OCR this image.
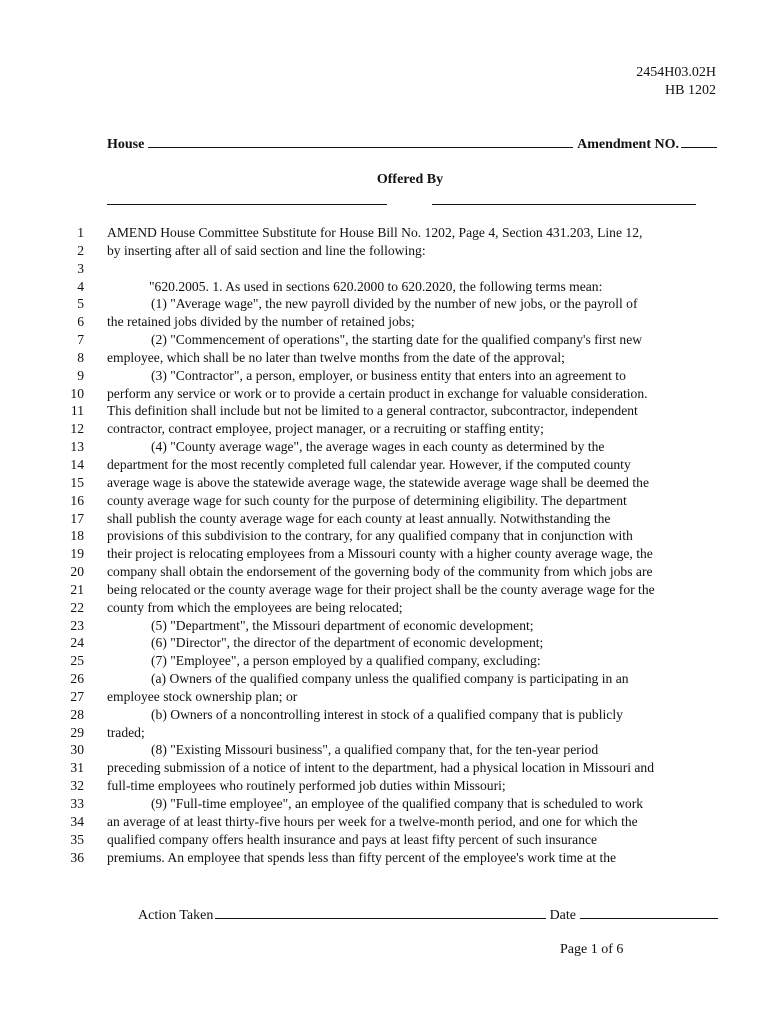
2454H03.02H
HB 1202
House	Amendment NO.
Offered By
1 AMEND House Committee Substitute for House Bill No. 1202, Page 4, Section 431.203, Line 12,
2 by inserting after all of said section and line the following:
3
4	"620.2005. 1. As used in sections 620.2000 to 620.2020, the following terms mean:
5	(1) "Average wage", the new payroll divided by the number of new jobs, or the payroll of
6 the retained jobs divided by the number of retained jobs;
7	(2) "Commencement of operations", the starting date for the qualified company's first new
8 employee, which shall be no later than twelve months from the date of the approval;
9	(3) "Contractor", a person, employer, or business entity that enters into an agreement to
10 perform any service or work or to provide a certain product in exchange for valuable consideration.
11 This definition shall include but not be limited to a general contractor, subcontractor, independent
12 contractor, contract employee, project manager, or a recruiting or staffing entity;
13	(4) "County average wage", the average wages in each county as determined by the
14 department for the most recently completed full calendar year. However, if the computed county
15 average wage is above the statewide average wage, the statewide average wage shall be deemed the
16 county average wage for such county for the purpose of determining eligibility. The department
17 shall publish the county average wage for each county at least annually. Notwithstanding the
18 provisions of this subdivision to the contrary, for any qualified company that in conjunction with
19 their project is relocating employees from a Missouri county with a higher county average wage, the
20 company shall obtain the endorsement of the governing body of the community from which jobs are
21 being relocated or the county average wage for their project shall be the county average wage for the
22 county from which the employees are being relocated;
23	(5) "Department", the Missouri department of economic development;
24	(6) "Director", the director of the department of economic development;
25	(7) "Employee", a person employed by a qualified company, excluding:
26	(a) Owners of the qualified company unless the qualified company is participating in an
27 employee stock ownership plan; or
28	(b) Owners of a noncontrolling interest in stock of a qualified company that is publicly
29 traded;
30	(8) "Existing Missouri business", a qualified company that, for the ten-year period
31 preceding submission of a notice of intent to the department, had a physical location in Missouri and
32 full-time employees who routinely performed job duties within Missouri;
33	(9) "Full-time employee", an employee of the qualified company that is scheduled to work
34 an average of at least thirty-five hours per week for a twelve-month period, and one for which the
35 qualified company offers health insurance and pays at least fifty percent of such insurance
36 premiums. An employee that spends less than fifty percent of the employee's work time at the
Action Taken	Date
Page 1 of 6
